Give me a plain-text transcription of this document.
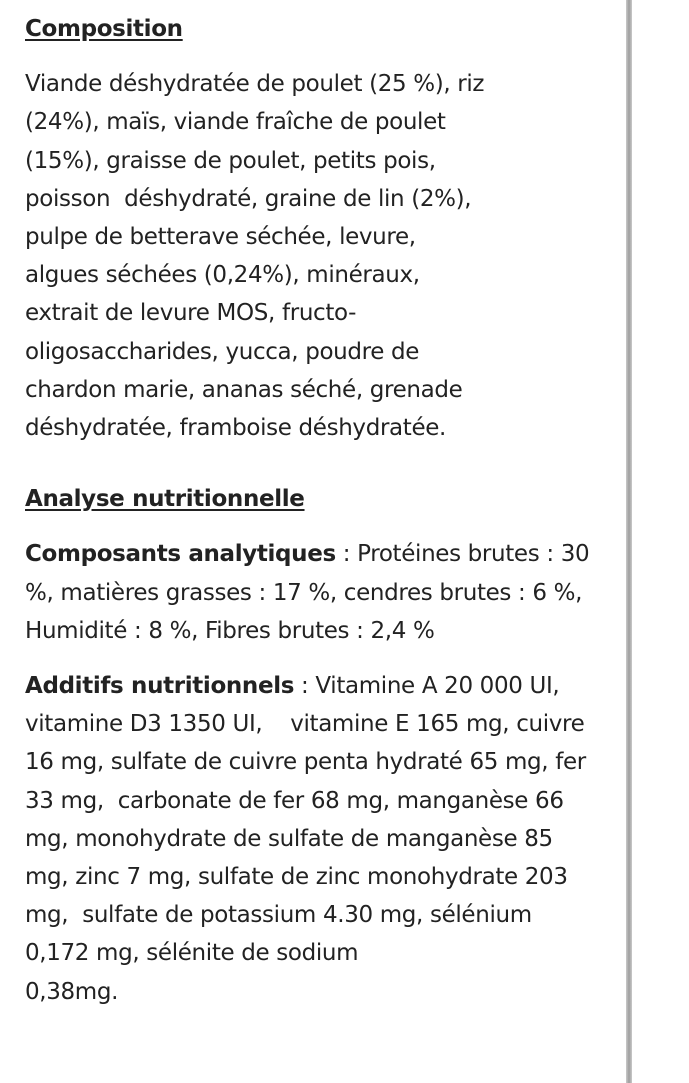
Composition
Viande déshydratée de poulet (25 %), riz
(24%), maïs, viande fraîche de poulet
(15%), graisse de poulet, petits pois,
poisson  déshydraté, graine de lin (2%),
pulpe de betterave séchée, levure,
algues séchées (0,24%), minéraux,
extrait de levure MOS, fructo-
oligosaccharides, yucca, poudre de
chardon marie, ananas séché, grenade
déshydratée, framboise déshydratée.
Analyse nutritionnelle
Composants analytiques : Protéines brutes : 30
%, matières grasses : 17 %, cendres brutes : 6 %,
Humidité : 8 %, Fibres brutes : 2,4 %
Additifs nutritionnels : Vitamine A 20 000 UI,
vitamine D3 1350 UI,    vitamine E 165 mg, cuivre
16 mg, sulfate de cuivre penta hydraté 65 mg, fer
33 mg,  carbonate de fer 68 mg, manganèse 66
mg, monohydrate de sulfate de manganèse 85
mg, zinc 7 mg, sulfate de zinc monohydrate 203
mg,  sulfate de potassium 4.30 mg, sélénium
0,172 mg, sélénite de sodium
0,38mg.
